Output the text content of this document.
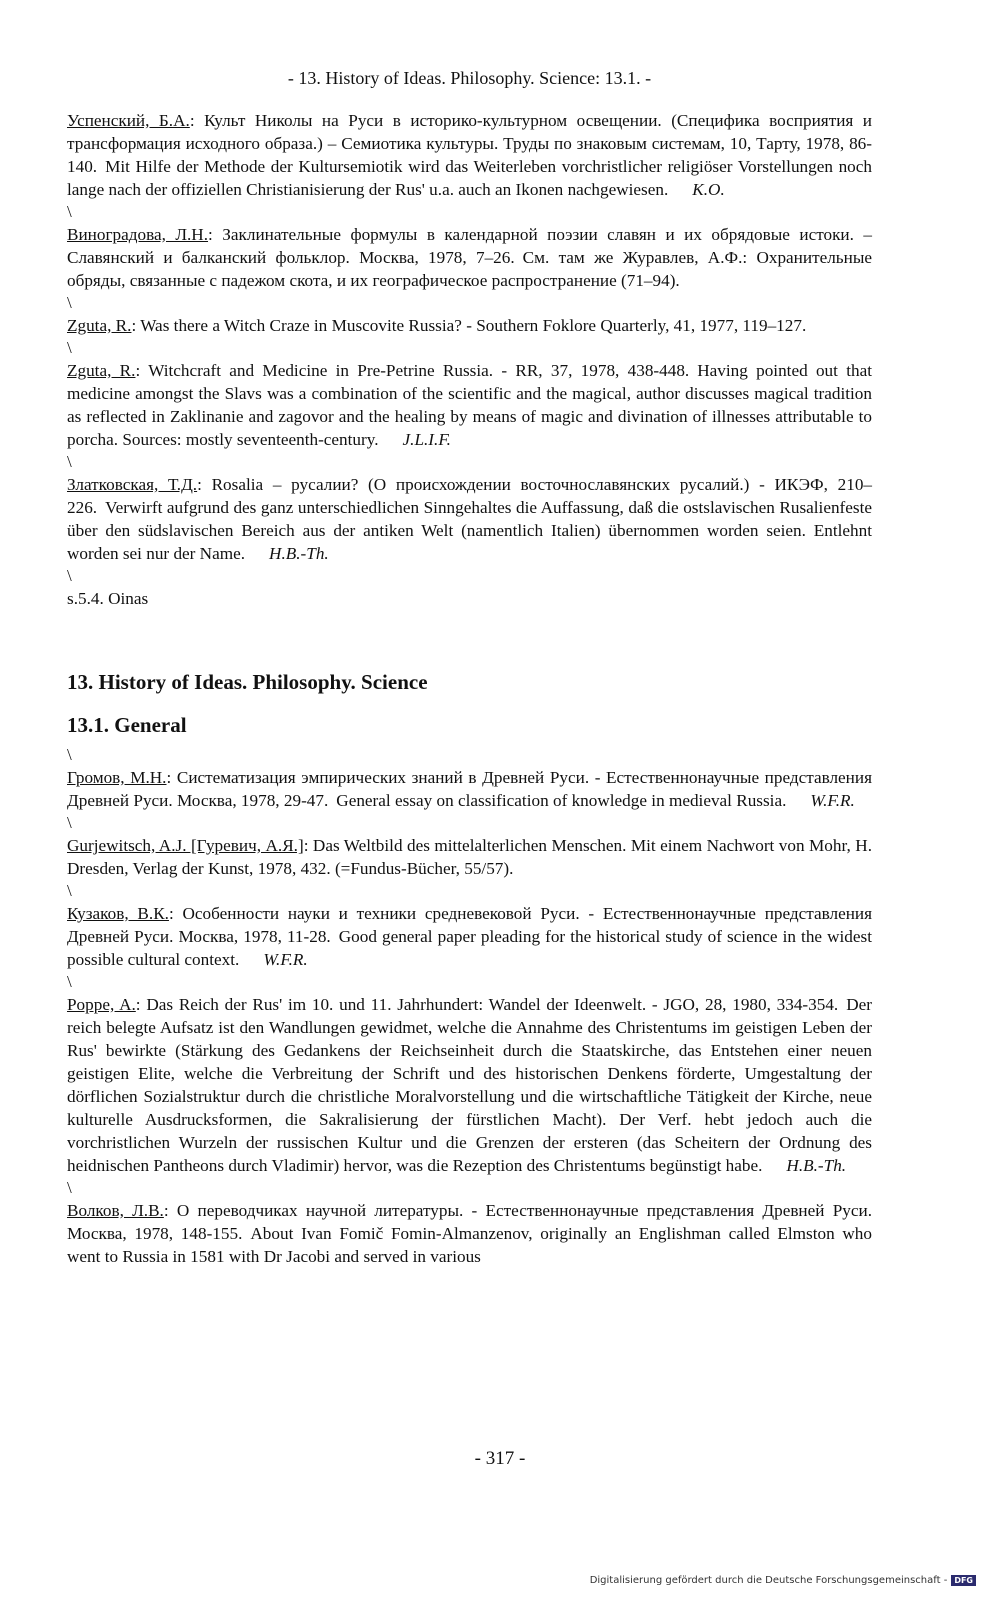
- 13. History of Ideas. Philosophy. Science: 13.1. -

Успенский, Б.А.: Культ Николы на Руси в историко-культурном освещении. (Специфика восприятия и трансформация исходного образа.) – Семиотика культуры. Труды по знаковым системам, 10, Тарту, 1978, 86-140. Mit Hilfe der Methode der Kultursemiotik wird das Weiterleben vorchristlicher religiöser Vorstellungen noch lange nach der offiziellen Christianisierung der Rus' u.a. auch an Ikonen nachgewiesen. K.O.

\

Виноградова, Л.Н.: Заклинательные формулы в календарной поэзии славян и их обрядовые истоки. – Славянский и балканский фольклор. Москва, 1978, 7–26. См. там же Журавлев, А.Ф.: Охранительные обряды, связанные с падежом скота, и их географическое распространение (71–94).

\

Zguta, R.: Was there a Witch Craze in Muscovite Russia? - Southern Foklore Quarterly, 41, 1977, 119–127.

\

Zguta, R.: Witchcraft and Medicine in Pre-Petrine Russia. - RR, 37, 1978, 438-448. Having pointed out that medicine amongst the Slavs was a combination of the scientific and the magical, author discusses magical tradition as reflected in Zaklinanie and zagovor and the healing by means of magic and divination of illnesses attributable to porcha. Sources: mostly seventeenth-century. J.L.I.F.

\

Златковская, Т.Д.: Rosalia – русалии? (О происхождении восточнославянских русалий.) - ИКЭФ, 210–226. Verwirft aufgrund des ganz unterschiedlichen Sinngehaltes die Auffassung, daß die ostslavischen Rusalienfeste über den südslavischen Bereich aus der antiken Welt (namentlich Italien) übernommen worden seien. Entlehnt worden sei nur der Name. H.B.-Th.

\
s.5.4. Oinas
13. History of Ideas. Philosophy. Science
13.1. General
\

Громов, М.Н.: Систематизация эмпирических знаний в Древней Руси. - Естественнонаучные представления Древней Руси. Москва, 1978, 29-47. General essay on classification of knowledge in medieval Russia. W.F.R.

\

Gurjewitsch, A.J. [Гуревич, А.Я.]: Das Weltbild des mittelalterlichen Menschen. Mit einem Nachwort von Mohr, H. Dresden, Verlag der Kunst, 1978, 432. (=Fundus-Bücher, 55/57).

\

Кузаков, В.К.: Особенности науки и техники средневековой Руси. - Естественнонаучные представления Древней Руси. Москва, 1978, 11-28. Good general paper pleading for the historical study of science in the widest possible cultural context. W.F.R.

\

Poppe, A.: Das Reich der Rus' im 10. und 11. Jahrhundert: Wandel der Ideenwelt. - JGO, 28, 1980, 334-354. Der reich belegte Aufsatz ist den Wandlungen gewidmet, welche die Annahme des Christentums im geistigen Leben der Rus' bewirkte (Stärkung des Gedankens der Reichseinheit durch die Staatskirche, das Entstehen einer neuen geistigen Elite, welche die Verbreitung der Schrift und des historischen Denkens förderte, Umgestaltung der dörflichen Sozialstruktur durch die christliche Moralvorstellung und die wirtschaftliche Tätigkeit der Kirche, neue kulturelle Ausdrucksformen, die Sakralisierung der fürstlichen Macht). Der Verf. hebt jedoch auch die vorchristlichen Wurzeln der russischen Kultur und die Grenzen der ersteren (das Scheitern der Ordnung des heidnischen Pantheons durch Vladimir) hervor, was die Rezeption des Christentums begünstigt habe. H.B.-Th.

\

Волков, Л.В.: О переводчиках научной литературы. - Естественнонаучные представления Древней Руси. Москва, 1978, 148-155. About Ivan Fomič Fomin-Almanzenov, originally an Englishman called Elmston who went to Russia in 1581 with Dr Jacobi and served in various

- 317 -
Digitalisierung gefördert durch die Deutsche Forschungsgemeinschaft - DFG
